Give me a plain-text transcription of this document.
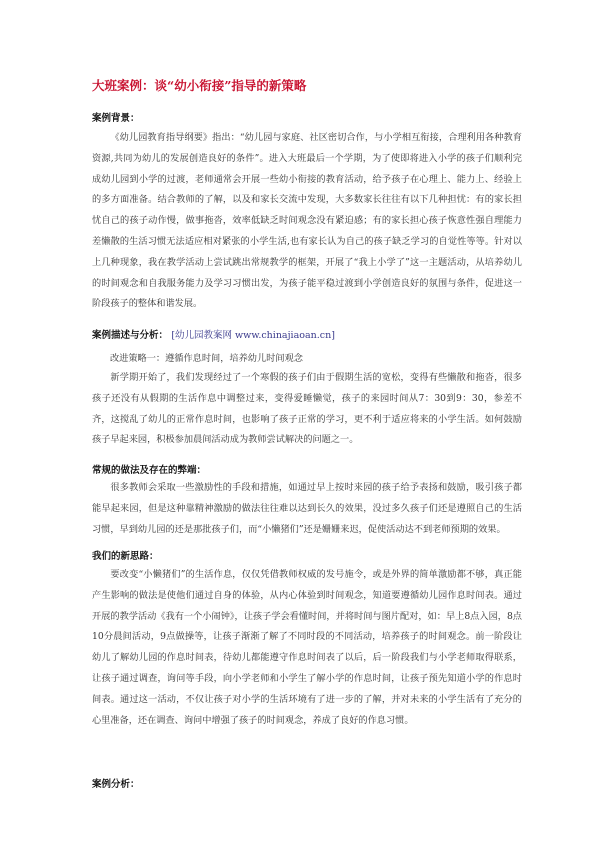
大班案例：谈“幼小衔接”指导的新策略
案例背景：
《幼儿园教育指导纲要》指出：“幼儿园与家庭、社区密切合作，与小学相互衔接，合理利用各种教育资源,共同为幼儿的发展创造良好的条件”。进入大班最后一个学期，为了使即将进入小学的孩子们顺利完成幼儿园到小学的过渡，老师通常会开展一些幼小衔接的教育活动，给予孩子在心理上、能力上、经验上的多方面准备。结合教师的了解，以及和家长交流中发现，大多数家长往往有以下几种担忧：有的家长担忧自己的孩子动作慢，做事拖沓，效率低缺乏时间观念没有紧迫感；有的家长担心孩子恢意性强自理能力差懒散的生活习惯无法适应相对紧张的小学生活,也有家长认为自己的孩子缺乏学习的自觉性等等。针对以上几种现象，我在教学活动上尝试跳出常规教学的框架，开展了“我上小学了”这一主题活动，从培养幼儿的时间观念和自我服务能力及学习习惯出发，为孩子能平稳过渡到小学创造良好的氛围与条件，促进这一阶段孩子的整体和谐发展。
案例描述与分析： [幼儿园教案网 www.chinajiaoan.cn]
改进策略一：遵循作息时间，培养幼儿时间观念
新学期开始了，我们发现经过了一个寒假的孩子们由于假期生活的宽松，变得有些懒散和拖沓，很多孩子还没有从假期的生活作息中调整过来，变得爱睡懒觉，孩子的来园时间从7：30到9：30，参差不齐，这搅乱了幼儿的正常作息时间，也影响了孩子正常的学习，更不利于适应将来的小学生活。如何鼓励孩子早起来园，积极参加晨间活动成为教师尝试解决的问题之一。
常规的做法及存在的弊端：
很多教师会采取一些激励性的手段和措施，如通过早上按时来园的孩子给予表扬和鼓励，吸引孩子都能早起来园，但是这种靠精神激励的做法往往难以达到长久的效果，没过多久孩子们还是遵照自己的生活习惯，早到幼儿园的还是那批孩子们，而“小懒猪们”还是姗姗来迟，促使活动达不到老师预期的效果。
我们的新思路：
要改变“小懒猪们”的生活作息，仅仅凭借教师权威的发号施令，或是外界的简单激励都不够，真正能产生影响的做法是使他们通过自身的体验，从内心体验到时间观念，知道要遵循幼儿园作息时间表。通过开展的教学活动《我有一个小闹钟》，让孩子学会看懂时间，并将时间与图片配对，如：早上8点入园，8点10分晨间活动，9点做操等，让孩子渐渐了解了不同时段的不同活动，培养孩子的时间观念。前一阶段让幼儿了解幼儿园的作息时间表，待幼儿都能遵守作息时间表了以后，后一阶段我们与小学老师取得联系，让孩子通过调查，询问等手段，向小学老师和小学生了解小学的作息时间，让孩子预先知道小学的作息时间表。通过这一活动，不仅让孩子对小学的生活环境有了进一步的了解，并对未来的小学生活有了充分的心里准备，还在调查、询问中增强了孩子的时间观念，养成了良好的作息习惯。
案例分析：
